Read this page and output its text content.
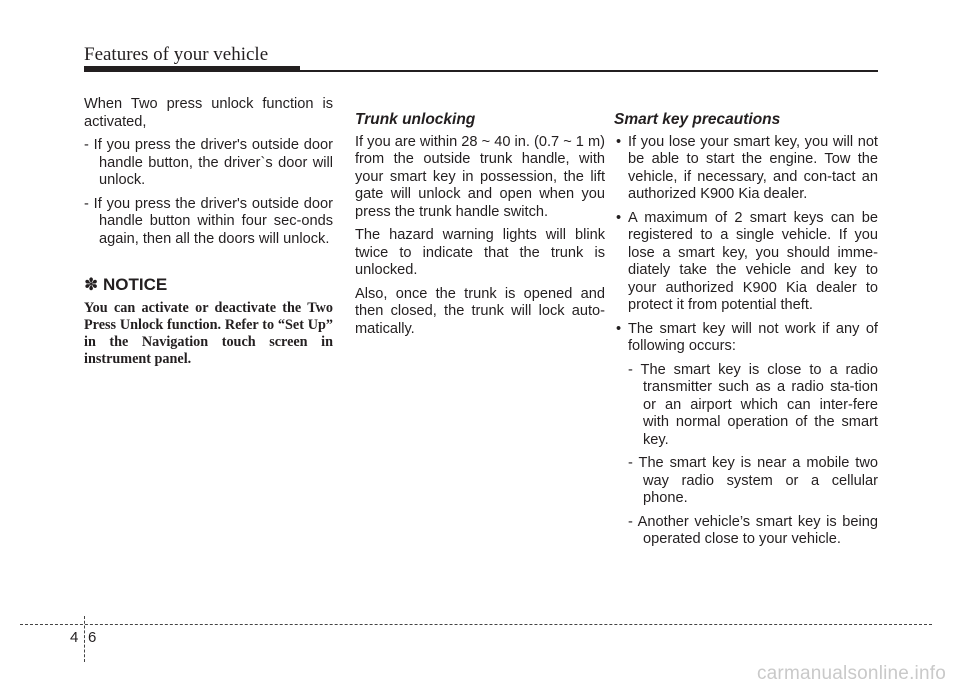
Features of your vehicle

When Two press unlock function is activated,

- If you press the driver's outside door handle button, the driver`s door will unlock.
- If you press the driver's outside door handle button within four sec-onds again, then all the doors will unlock.
✽ NOTICE

You can activate or deactivate the Two Press Unlock function. Refer to “Set Up” in the Navigation touch screen in instrument panel.

Trunk unlocking

If you are within 28 ~ 40 in. (0.7 ~ 1 m) from the outside trunk handle, with your smart key in possession, the lift gate will unlock and open when you press the trunk handle switch.

The hazard warning lights will blink twice to indicate that the trunk is unlocked.

Also, once the trunk is opened and then closed, the trunk will lock auto-matically.

Smart key precautions
• If you lose your smart key, you will not be able to start the engine. Tow the vehicle, if necessary, and con-tact an authorized K900 Kia dealer.
• A maximum of 2 smart keys can be registered to a single vehicle. If you lose a smart key, you should imme-diately take the vehicle and key to your authorized K900 Kia dealer to protect it from potential theft.
• The smart key will not work if any of following occurs:
- The smart key is close to a radio transmitter such as a radio sta-tion or an airport which can inter-fere with normal operation of the smart key.
- The smart key is near a mobile two way radio system or a cellular phone.
- Another vehicle’s smart key is being operated close to your vehicle.
4 6
carmanualsonline.info
